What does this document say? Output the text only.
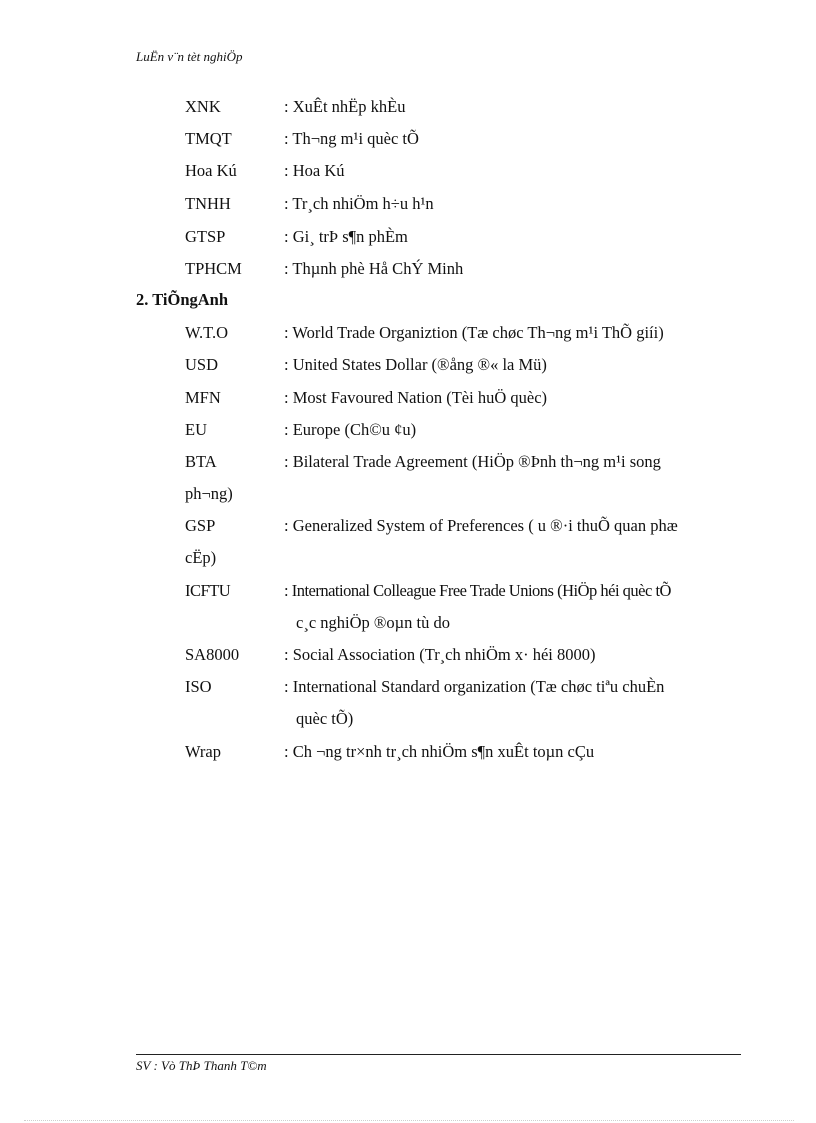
LuËn v¨n tèt nghiÖp
XNK	: XuÊt nhËp khÈu
TMQT	: Th¬ng m¹i quèc tÕ
Hoa Kú	: Hoa Kú
TNHH	: Tr¸ch nhiÖm h÷u h¹n
GTSP	: Gi¸ trÞ s¶n phÈm
TPHCM	: Thµnh phè Hå ChÝ Minh
2. TiÕngAnh
W.T.O	: World Trade Organiztion (Tæ chøc Th¬ng m¹i ThÕ giíi)
USD	: United States Dollar (®ång ®« la Mü)
MFN	: Most Favoured Nation (Tèi huÖ quèc)
EU	: Europe (Ch©u ¢u)
BTA	: Bilateral Trade Agreement (HiÖp ®Þnh th¬ng m¹i song
ph¬ng)
GSP	: Generalized System of Preferences ( u ®·i thuÕ quan phæ
cËp)
ICFTU	: International Colleague Free Trade Unions (HiÖp héi quèc tÕ
c¸c nghiÖp ®oµn tù do
SA8000	: Social Association (Tr¸ch nhiÖm x· héi 8000)
ISO	: International Standard organization (Tæ chøc tiªu chuÈn
quèc tÕ)
Wrap	: Ch ¬ng tr×nh tr¸ch nhiÖm s¶n xuÊt toµn cÇu
SV : Vò ThÞ Thanh T©m
